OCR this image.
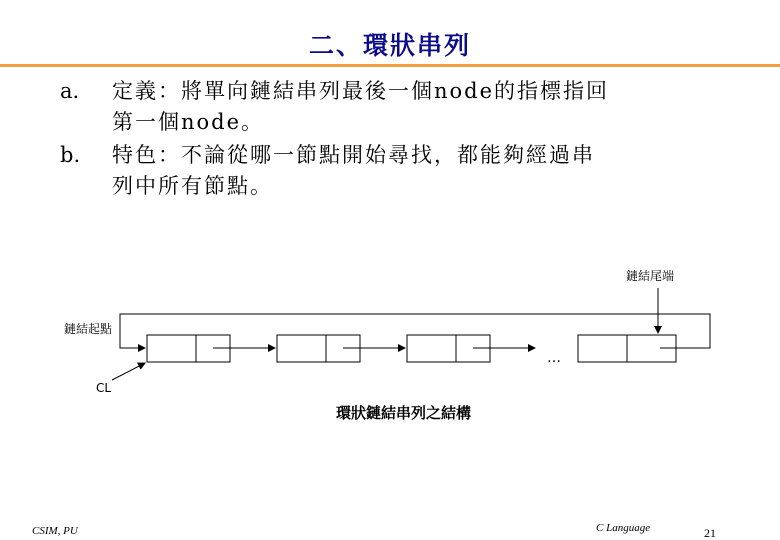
二、環狀串列
a.	定義：將單向鏈結串列最後一個node的指標指回
第一個node。
b.	特色：不論從哪一節點開始尋找，都能夠經過串
列中所有節點。
鏈結尾端
鏈結起點
CL
…
環狀鏈結串列之結構
CSIM, PU	C Language	21
